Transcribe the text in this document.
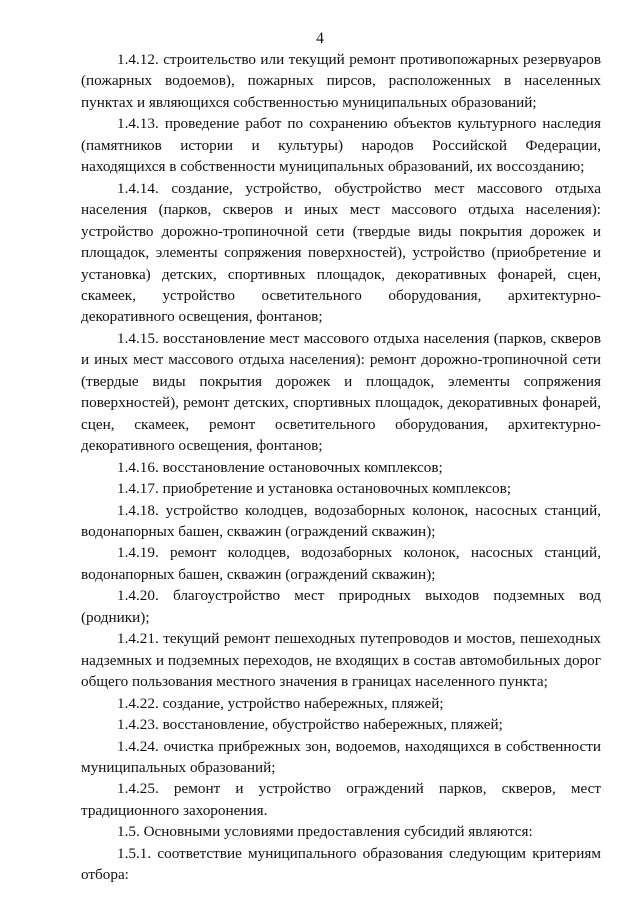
4

1.4.12. строительство или текущий ремонт противопожарных резервуаров (пожарных водоемов), пожарных пирсов, расположенных в населенных пунктах и являющихся собственностью муниципальных образований;

1.4.13. проведение работ по сохранению объектов культурного наследия (памятников истории и культуры) народов Российской Федерации, находящихся в собственности муниципальных образований, их воссозданию;

1.4.14. создание, устройство, обустройство мест массового отдыха населения (парков, скверов и иных мест массового отдыха населения): устройство дорожно-тропиночной сети (твердые виды покрытия дорожек и площадок, элементы сопряжения поверхностей), устройство (приобретение и установка) детских, спортивных площадок, декоративных фонарей, сцен, скамеек, устройство осветительного оборудования, архитектурно-декоративного освещения, фонтанов;

1.4.15. восстановление мест массового отдыха населения (парков, скверов и иных мест массового отдыха населения): ремонт дорожно-тропиночной сети (твердые виды покрытия дорожек и площадок, элементы сопряжения поверхностей), ремонт детских, спортивных площадок, декоративных фонарей, сцен, скамеек, ремонт осветительного оборудования, архитектурно-декоративного освещения, фонтанов;

1.4.16. восстановление остановочных комплексов;

1.4.17. приобретение и установка остановочных комплексов;

1.4.18. устройство колодцев, водозаборных колонок, насосных станций, водонапорных башен, скважин (ограждений скважин);

1.4.19. ремонт колодцев, водозаборных колонок, насосных станций, водонапорных башен, скважин (ограждений скважин);

1.4.20. благоустройство мест природных выходов подземных вод (родники);

1.4.21. текущий ремонт пешеходных путепроводов и мостов, пешеходных надземных и подземных переходов, не входящих в состав автомобильных дорог общего пользования местного значения в границах населенного пункта;

1.4.22. создание, устройство набережных, пляжей;

1.4.23. восстановление, обустройство набережных, пляжей;

1.4.24. очистка прибрежных зон, водоемов, находящихся в собственности муниципальных образований;

1.4.25. ремонт и устройство ограждений парков, скверов, мест традиционного захоронения.

1.5. Основными условиями предоставления субсидий являются:

1.5.1. соответствие муниципального образования следующим критериям отбора:
